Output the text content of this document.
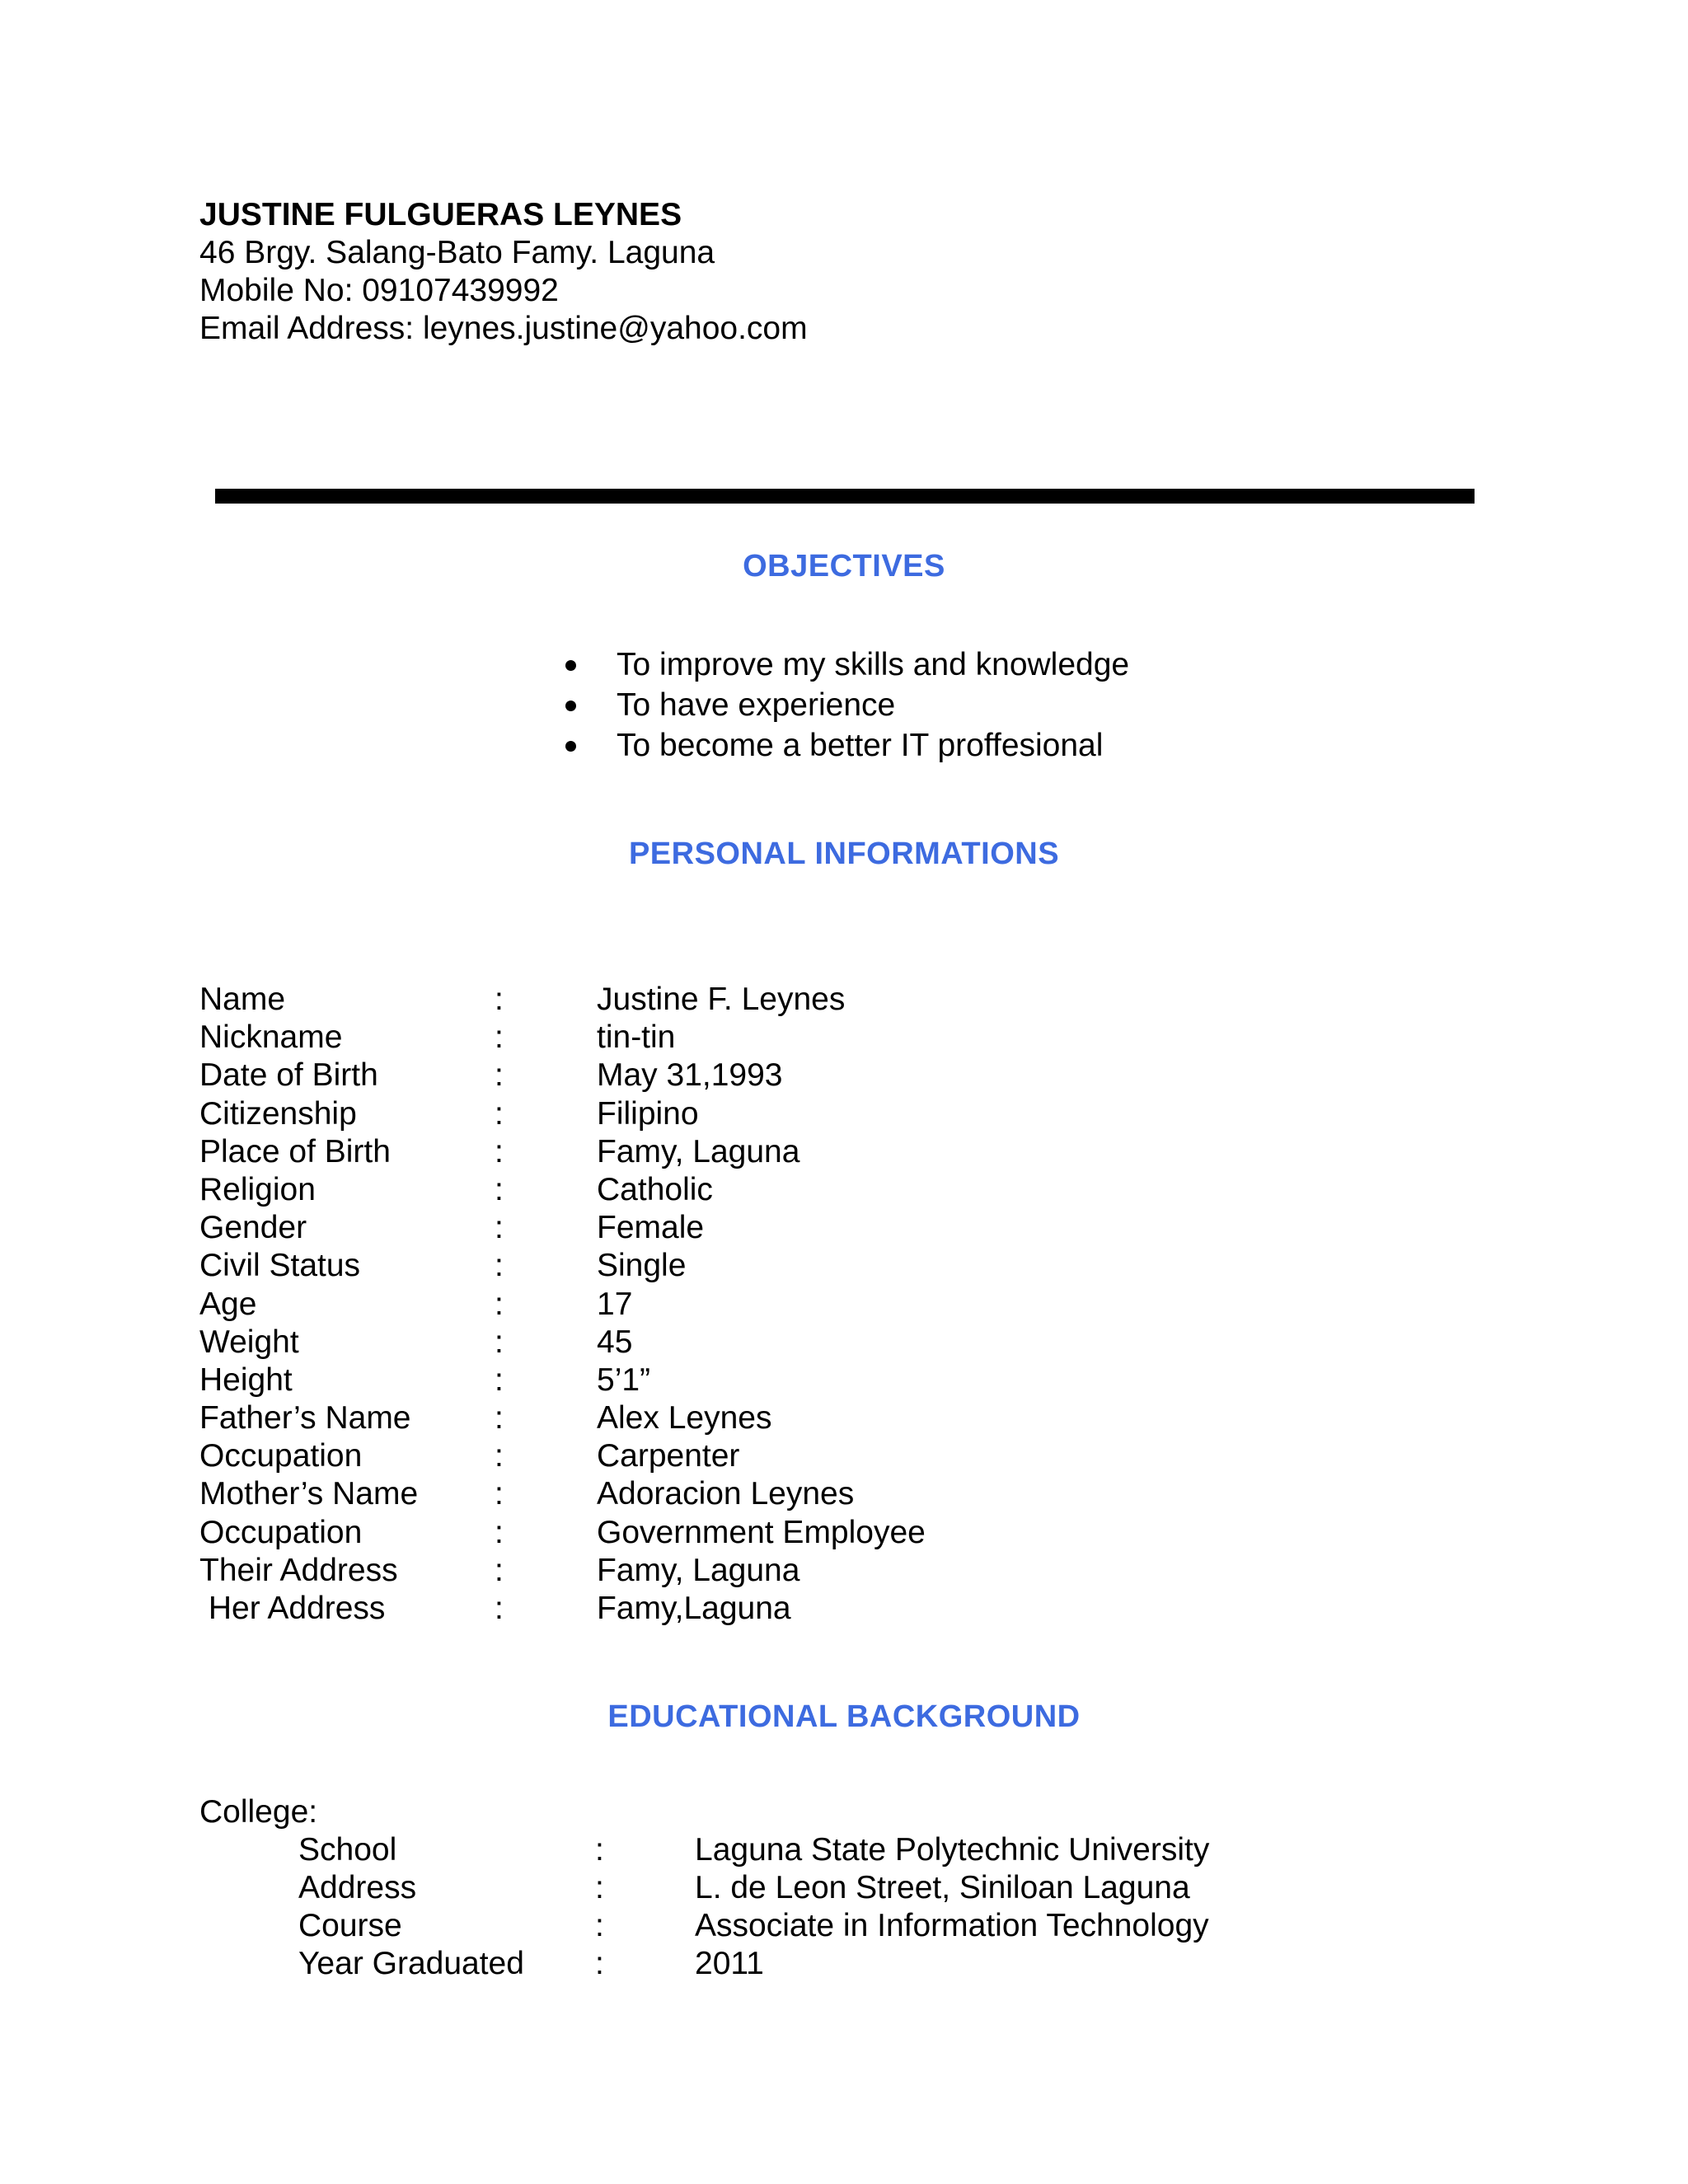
JUSTINE FULGUERAS LEYNES
46 Brgy. Salang-Bato Famy. Laguna
Mobile No: 09107439992
Email Address: leynes.justine@yahoo.com
OBJECTIVES
To improve my skills and knowledge
To have experience
To become a better IT proffesional
PERSONAL INFORMATIONS
Name	:	Justine F. Leynes
Nickname	:	tin-tin
Date of Birth	:	May 31,1993
Citizenship	:	Filipino
Place of Birth	:	Famy, Laguna
Religion	:	Catholic
Gender	:	Female
Civil Status	:	Single
Age	:	17
Weight	:	45
Height	:	5’1”
Father’s Name	:	Alex Leynes
Occupation	:	Carpenter
Mother’s Name :	Adoracion Leynes
Occupation	:	Government Employee
Their Address	:	Famy, Laguna
Her Address	:	Famy,Laguna
EDUCATIONAL BACKGROUND
College:
School	:	Laguna State Polytechnic University
Address	:	L. de Leon Street, Siniloan Laguna
Course	:	Associate in Information Technology
Year Graduated :	2011
